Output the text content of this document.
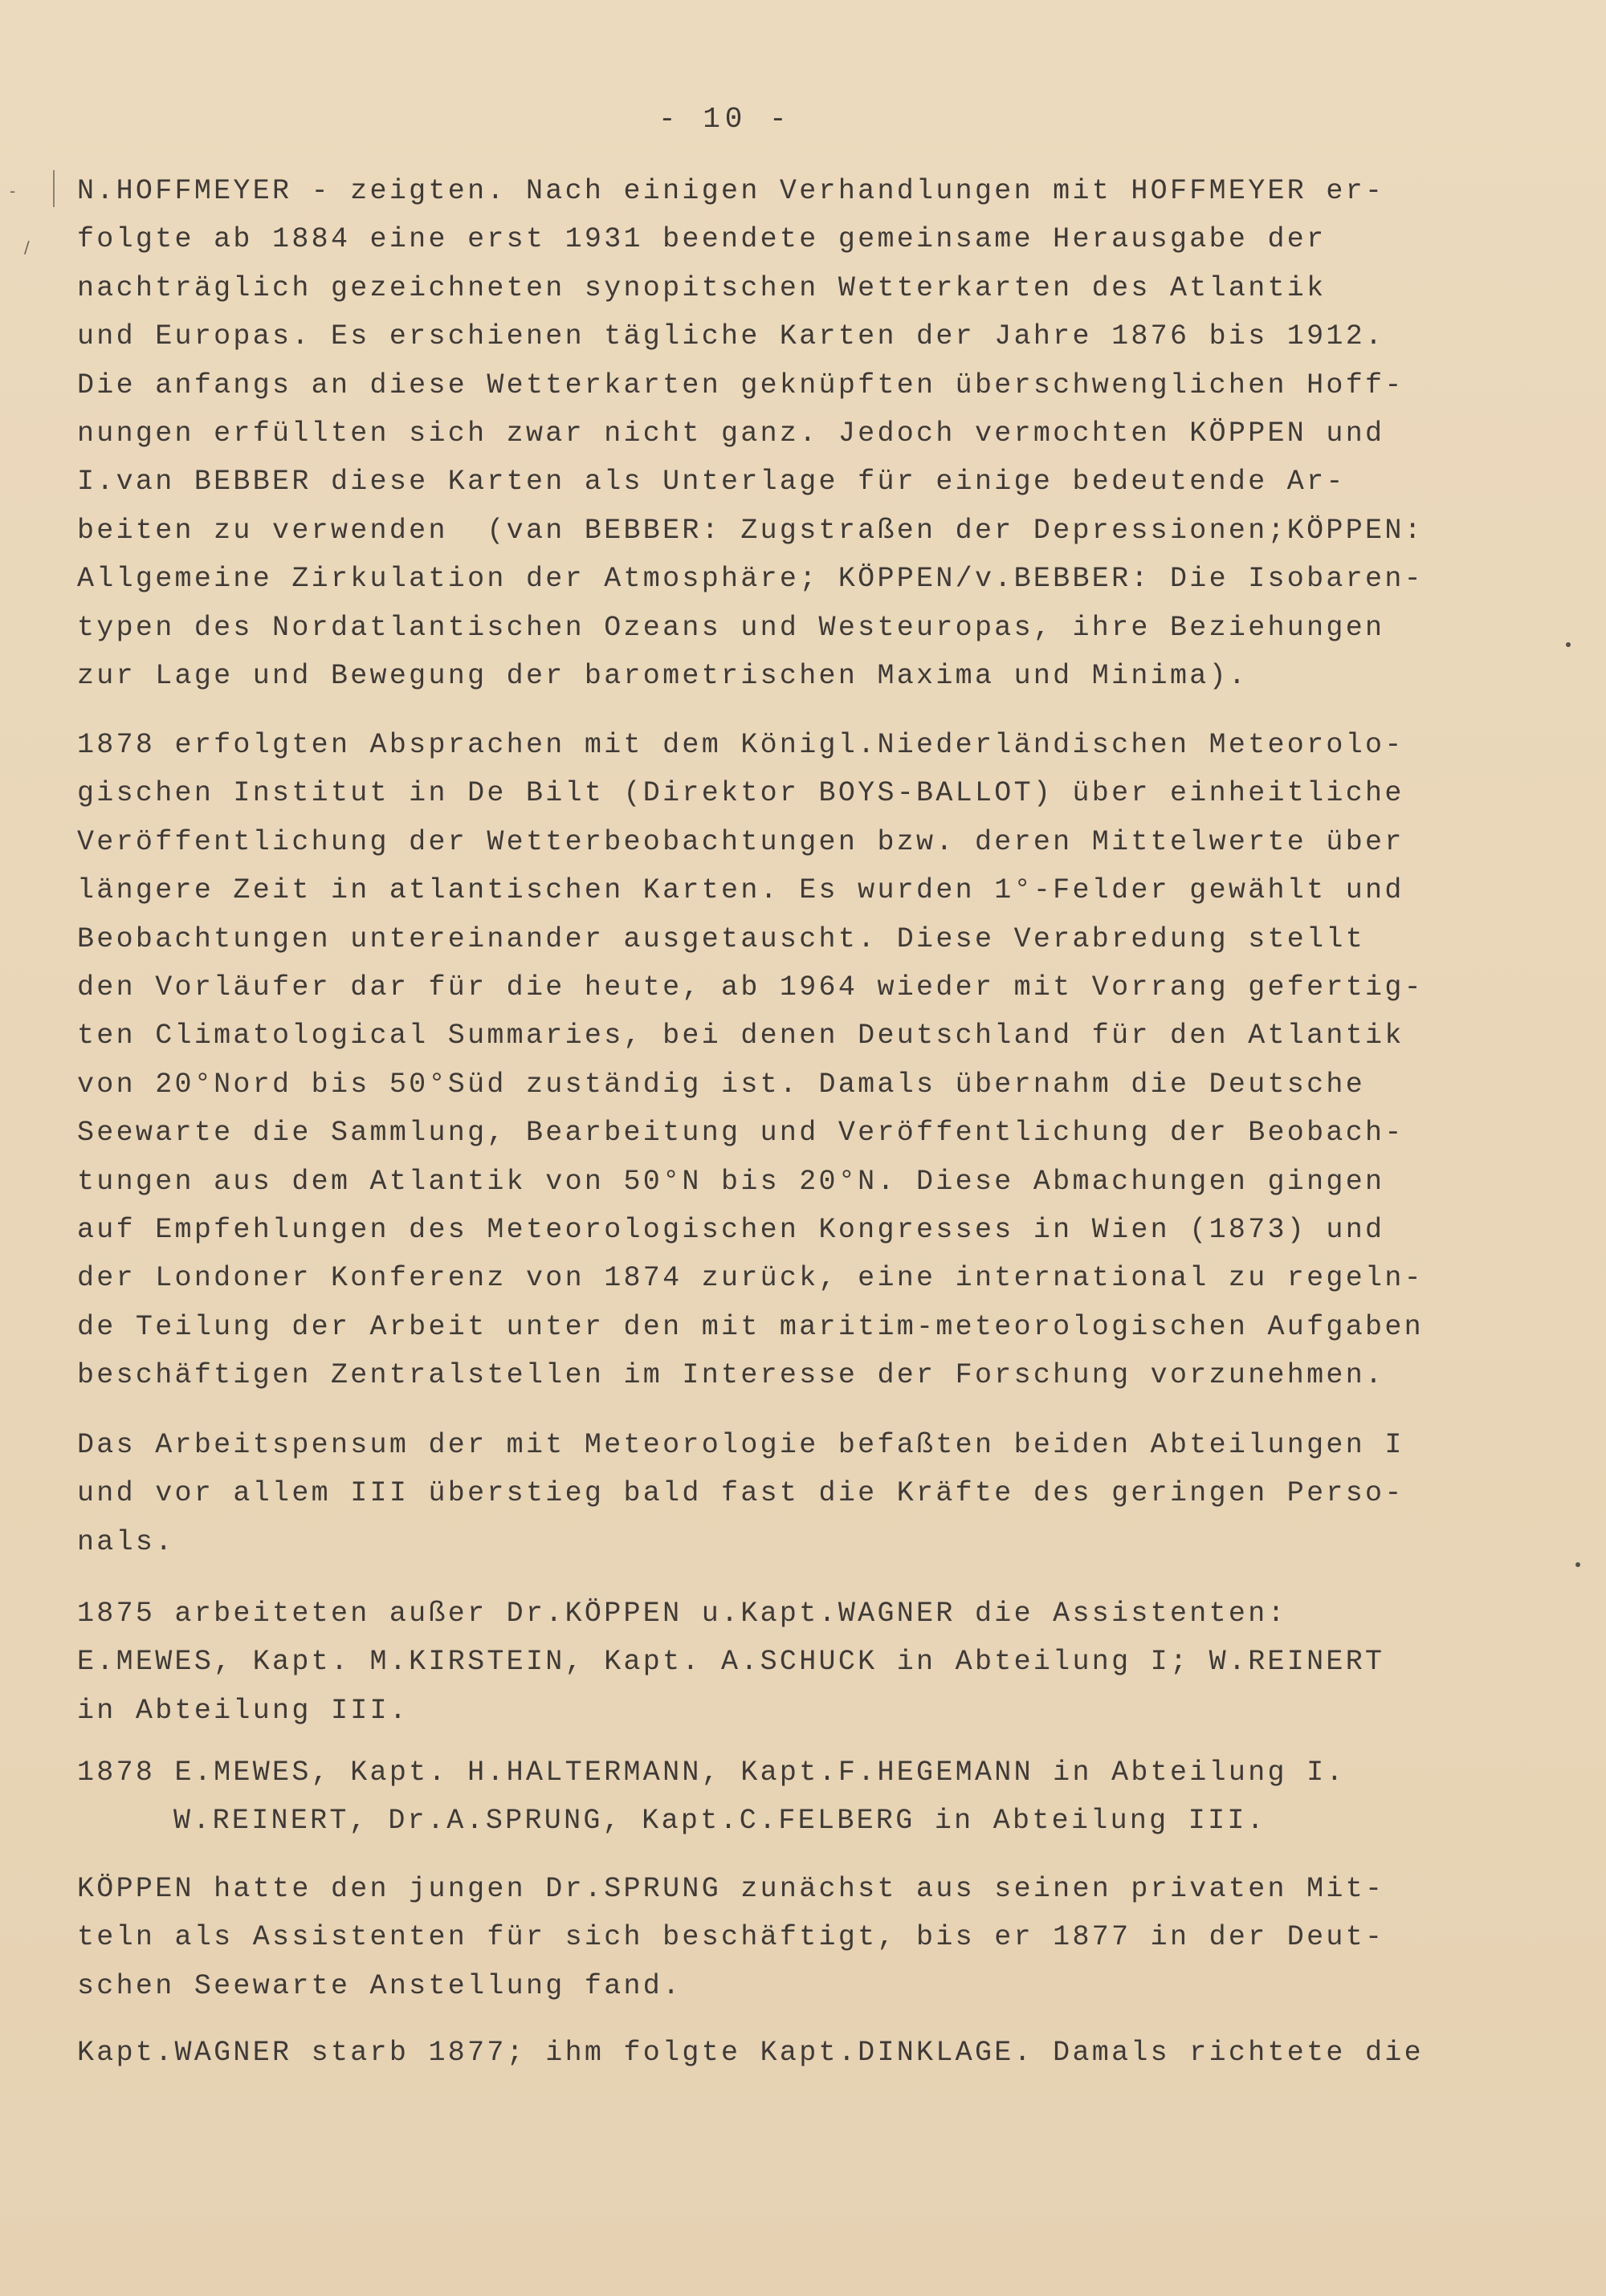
- 10 -
-
/
N.HOFFMEYER - zeigten. Nach einigen Verhandlungen mit HOFFMEYER er-
folgte ab 1884 eine erst 1931 beendete gemeinsame Herausgabe der
nachträglich gezeichneten synopitschen Wetterkarten des Atlantik
und Europas. Es erschienen tägliche Karten der Jahre 1876 bis 1912.
Die anfangs an diese Wetterkarten geknüpften überschwenglichen Hoff-
nungen erfüllten sich zwar nicht ganz. Jedoch vermochten KÖPPEN und
I.van BEBBER diese Karten als Unterlage für einige bedeutende Ar-
beiten zu verwenden  (van BEBBER: Zugstraßen der Depressionen;KÖPPEN:
Allgemeine Zirkulation der Atmosphäre; KÖPPEN/v.BEBBER: Die Isobaren-
typen des Nordatlantischen Ozeans und Westeuropas, ihre Beziehungen
zur Lage und Bewegung der barometrischen Maxima und Minima).
1878 erfolgten Absprachen mit dem Königl.Niederländischen Meteorolo-
gischen Institut in De Bilt (Direktor BOYS-BALLOT) über einheitliche
Veröffentlichung der Wetterbeobachtungen bzw. deren Mittelwerte über
längere Zeit in atlantischen Karten. Es wurden 1°-Felder gewählt und
Beobachtungen untereinander ausgetauscht. Diese Verabredung stellt
den Vorläufer dar für die heute, ab 1964 wieder mit Vorrang gefertig-
ten Climatological Summaries, bei denen Deutschland für den Atlantik
von 20°Nord bis 50°Süd zuständig ist. Damals übernahm die Deutsche
Seewarte die Sammlung, Bearbeitung und Veröffentlichung der Beobach-
tungen aus dem Atlantik von 50°N bis 20°N. Diese Abmachungen gingen
auf Empfehlungen des Meteorologischen Kongresses in Wien (1873) und
der Londoner Konferenz von 1874 zurück, eine international zu regeln-
de Teilung der Arbeit unter den mit maritim-meteorologischen Aufgaben
beschäftigen Zentralstellen im Interesse der Forschung vorzunehmen.
Das Arbeitspensum der mit Meteorologie befaßten beiden Abteilungen I
und vor allem III überstieg bald fast die Kräfte des geringen Perso-
nals.
1875 arbeiteten außer Dr.KÖPPEN u.Kapt.WAGNER die Assistenten:
E.MEWES, Kapt. M.KIRSTEIN, Kapt. A.SCHUCK in Abteilung I; W.REINERT
in Abteilung III.
1878 E.MEWES, Kapt. H.HALTERMANN, Kapt.F.HEGEMANN in Abteilung I.
W.REINERT, Dr.A.SPRUNG, Kapt.C.FELBERG in Abteilung III.
KÖPPEN hatte den jungen Dr.SPRUNG zunächst aus seinen privaten Mit-
teln als Assistenten für sich beschäftigt, bis er 1877 in der Deut-
schen Seewarte Anstellung fand.
Kapt.WAGNER starb 1877; ihm folgte Kapt.DINKLAGE. Damals richtete die
